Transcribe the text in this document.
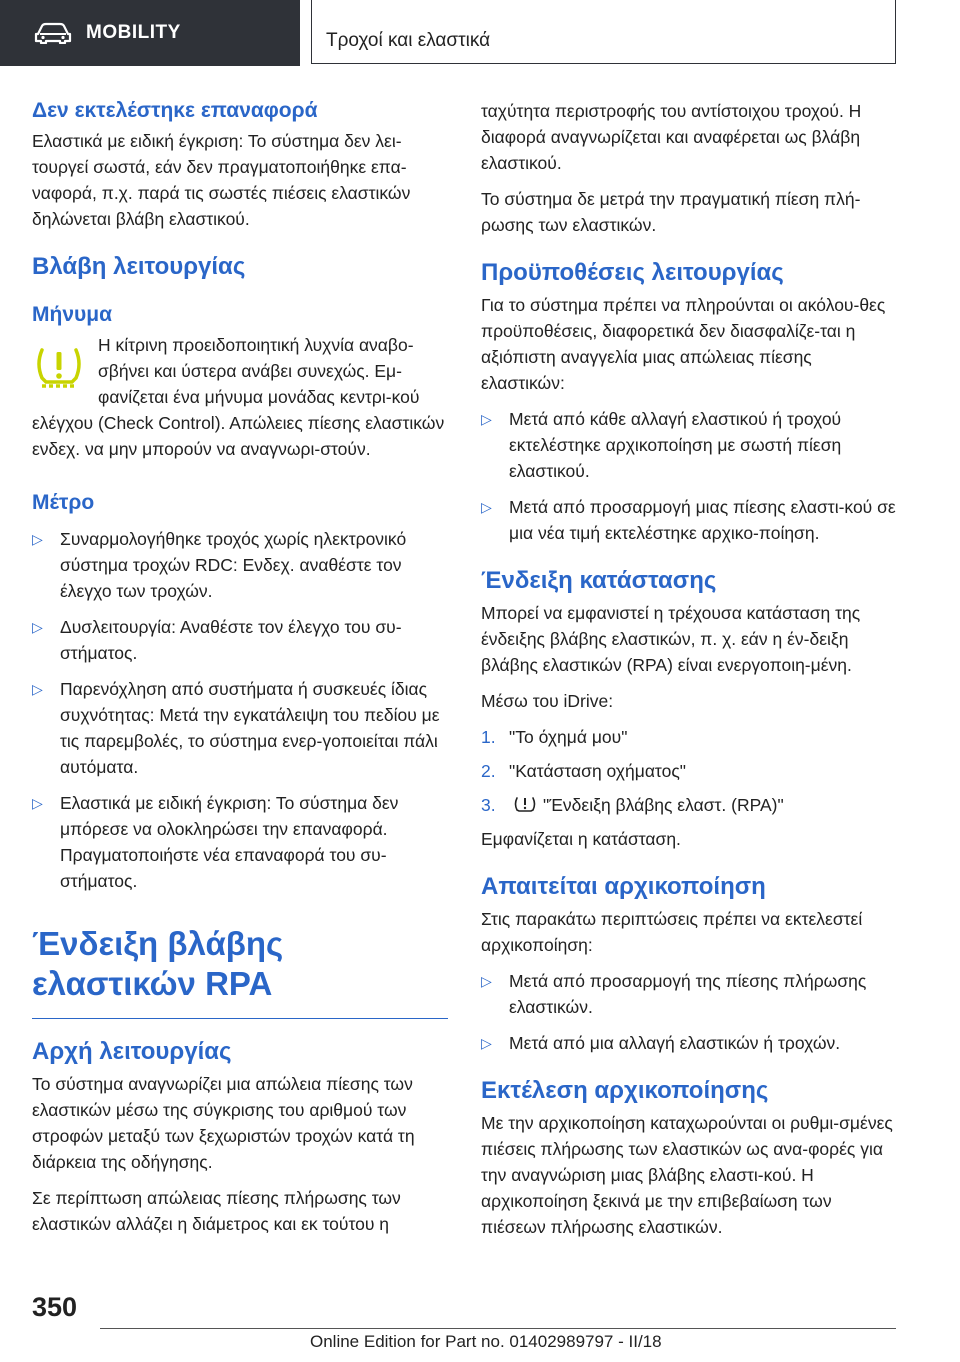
MOBILITY	Τροχοί και ελαστικά
Δεν εκτελέστηκε επαναφορά

Ελαστικά με ειδική έγκριση: Το σύστημα δεν λει‐τουργεί σωστά, εάν δεν πραγματοποιήθηκε επα‐ναφορά, π.χ. παρά τις σωστές πιέσεις ελαστικών δηλώνεται βλάβη ελαστικού.

Βλάβη λειτουργίας
Μήνυμα

Η κίτρινη προειδοποιητική λυχνία αναβο‐σβήνει και ύστερα ανάβει συνεχώς. Εμ‐φανίζεται ένα μήνυμα μονάδας κεντρι‐κού ελέγχου (Check Control). Απώλειες πίεσης ελαστικών ενδεχ. να μην μπορούν να αναγνωρι‐στούν.

Μέτρο
▷ Συναρμολογήθηκε τροχός χωρίς ηλεκτρονικό σύστημα τροχών RDC: Ενδεχ. αναθέστε τον έλεγχο των τροχών.
▷ Δυσλειτουργία: Αναθέστε τον έλεγχο του συ‐στήματος.
▷ Παρενόχληση από συστήματα ή συσκευές ίδιας συχνότητας: Μετά την εγκατάλειψη του πεδίου με τις παρεμβολές, το σύστημα ενερ‐γοποιείται πάλι αυτόματα.
▷ Ελαστικά με ειδική έγκριση: Το σύστημα δεν μπόρεσε να ολοκληρώσει την επαναφορά. Πραγματοποιήστε νέα επαναφορά του συ‐στήματος.
Ένδειξη βλάβης ελαστικών RPA
Αρχή λειτουργίας

Το σύστημα αναγνωρίζει μια απώλεια πίεσης των ελαστικών μέσω της σύγκρισης του αριθμού των στροφών μεταξύ των ξεχωριστών τροχών κατά τη διάρκεια της οδήγησης.

Σε περίπτωση απώλειας πίεσης πλήρωσης των ελαστικών αλλάζει η διάμετρος και εκ τούτου η

ταχύτητα περιστροφής του αντίστοιχου τροχού. Η διαφορά αναγνωρίζεται και αναφέρεται ως βλάβη ελαστικού.

Το σύστημα δε μετρά την πραγματική πίεση πλή‐ρωσης των ελαστικών.

Προϋποθέσεις λειτουργίας

Για το σύστημα πρέπει να πληρούνται οι ακόλου‐θες προϋποθέσεις, διαφορετικά δεν διασφαλίζε‐ται η αξιόπιστη αναγγελία μιας απώλειας πίεσης ελαστικών:

▷ Μετά από κάθε αλλαγή ελαστικού ή τροχού εκτελέστηκε αρχικοποίηση με σωστή πίεση ελαστικού.
▷ Μετά από προσαρμογή μιας πίεσης ελαστι‐κού σε μια νέα τιμή εκτελέστηκε αρχικο‐ποίηση.
Ένδειξη κατάστασης

Μπορεί να εμφανιστεί η τρέχουσα κατάσταση της ένδειξης βλάβης ελαστικών, π. χ. εάν η έν‐δειξη βλάβης ελαστικών (RPA) είναι ενεργοποιη‐μένη.

Μέσω του iDrive:

1. "Το όχημά μου"
2. "Κατάσταση οχήματος"
3.	"Ένδειξη βλάβης ελαστ. (RPA)"

Εμφανίζεται η κατάσταση.

Απαιτείται αρχικοποίηση

Στις παρακάτω περιπτώσεις πρέπει να εκτελεστεί αρχικοποίηση:

▷ Μετά από προσαρμογή της πίεσης πλήρωσης ελαστικών.
▷ Μετά από μια αλλαγή ελαστικών ή τροχών.
Εκτέλεση αρχικοποίησης

Με την αρχικοποίηση καταχωρούνται οι ρυθμι‐σμένες πιέσεις πλήρωσης των ελαστικών ως ανα‐φορές για την αναγνώριση μιας βλάβης ελαστι‐κού. Η αρχικοποίηση ξεκινά με την επιβεβαίωση των πιέσεων πλήρωσης ελαστικών.

350
Online Edition for Part no. 01402989797 - II/18
